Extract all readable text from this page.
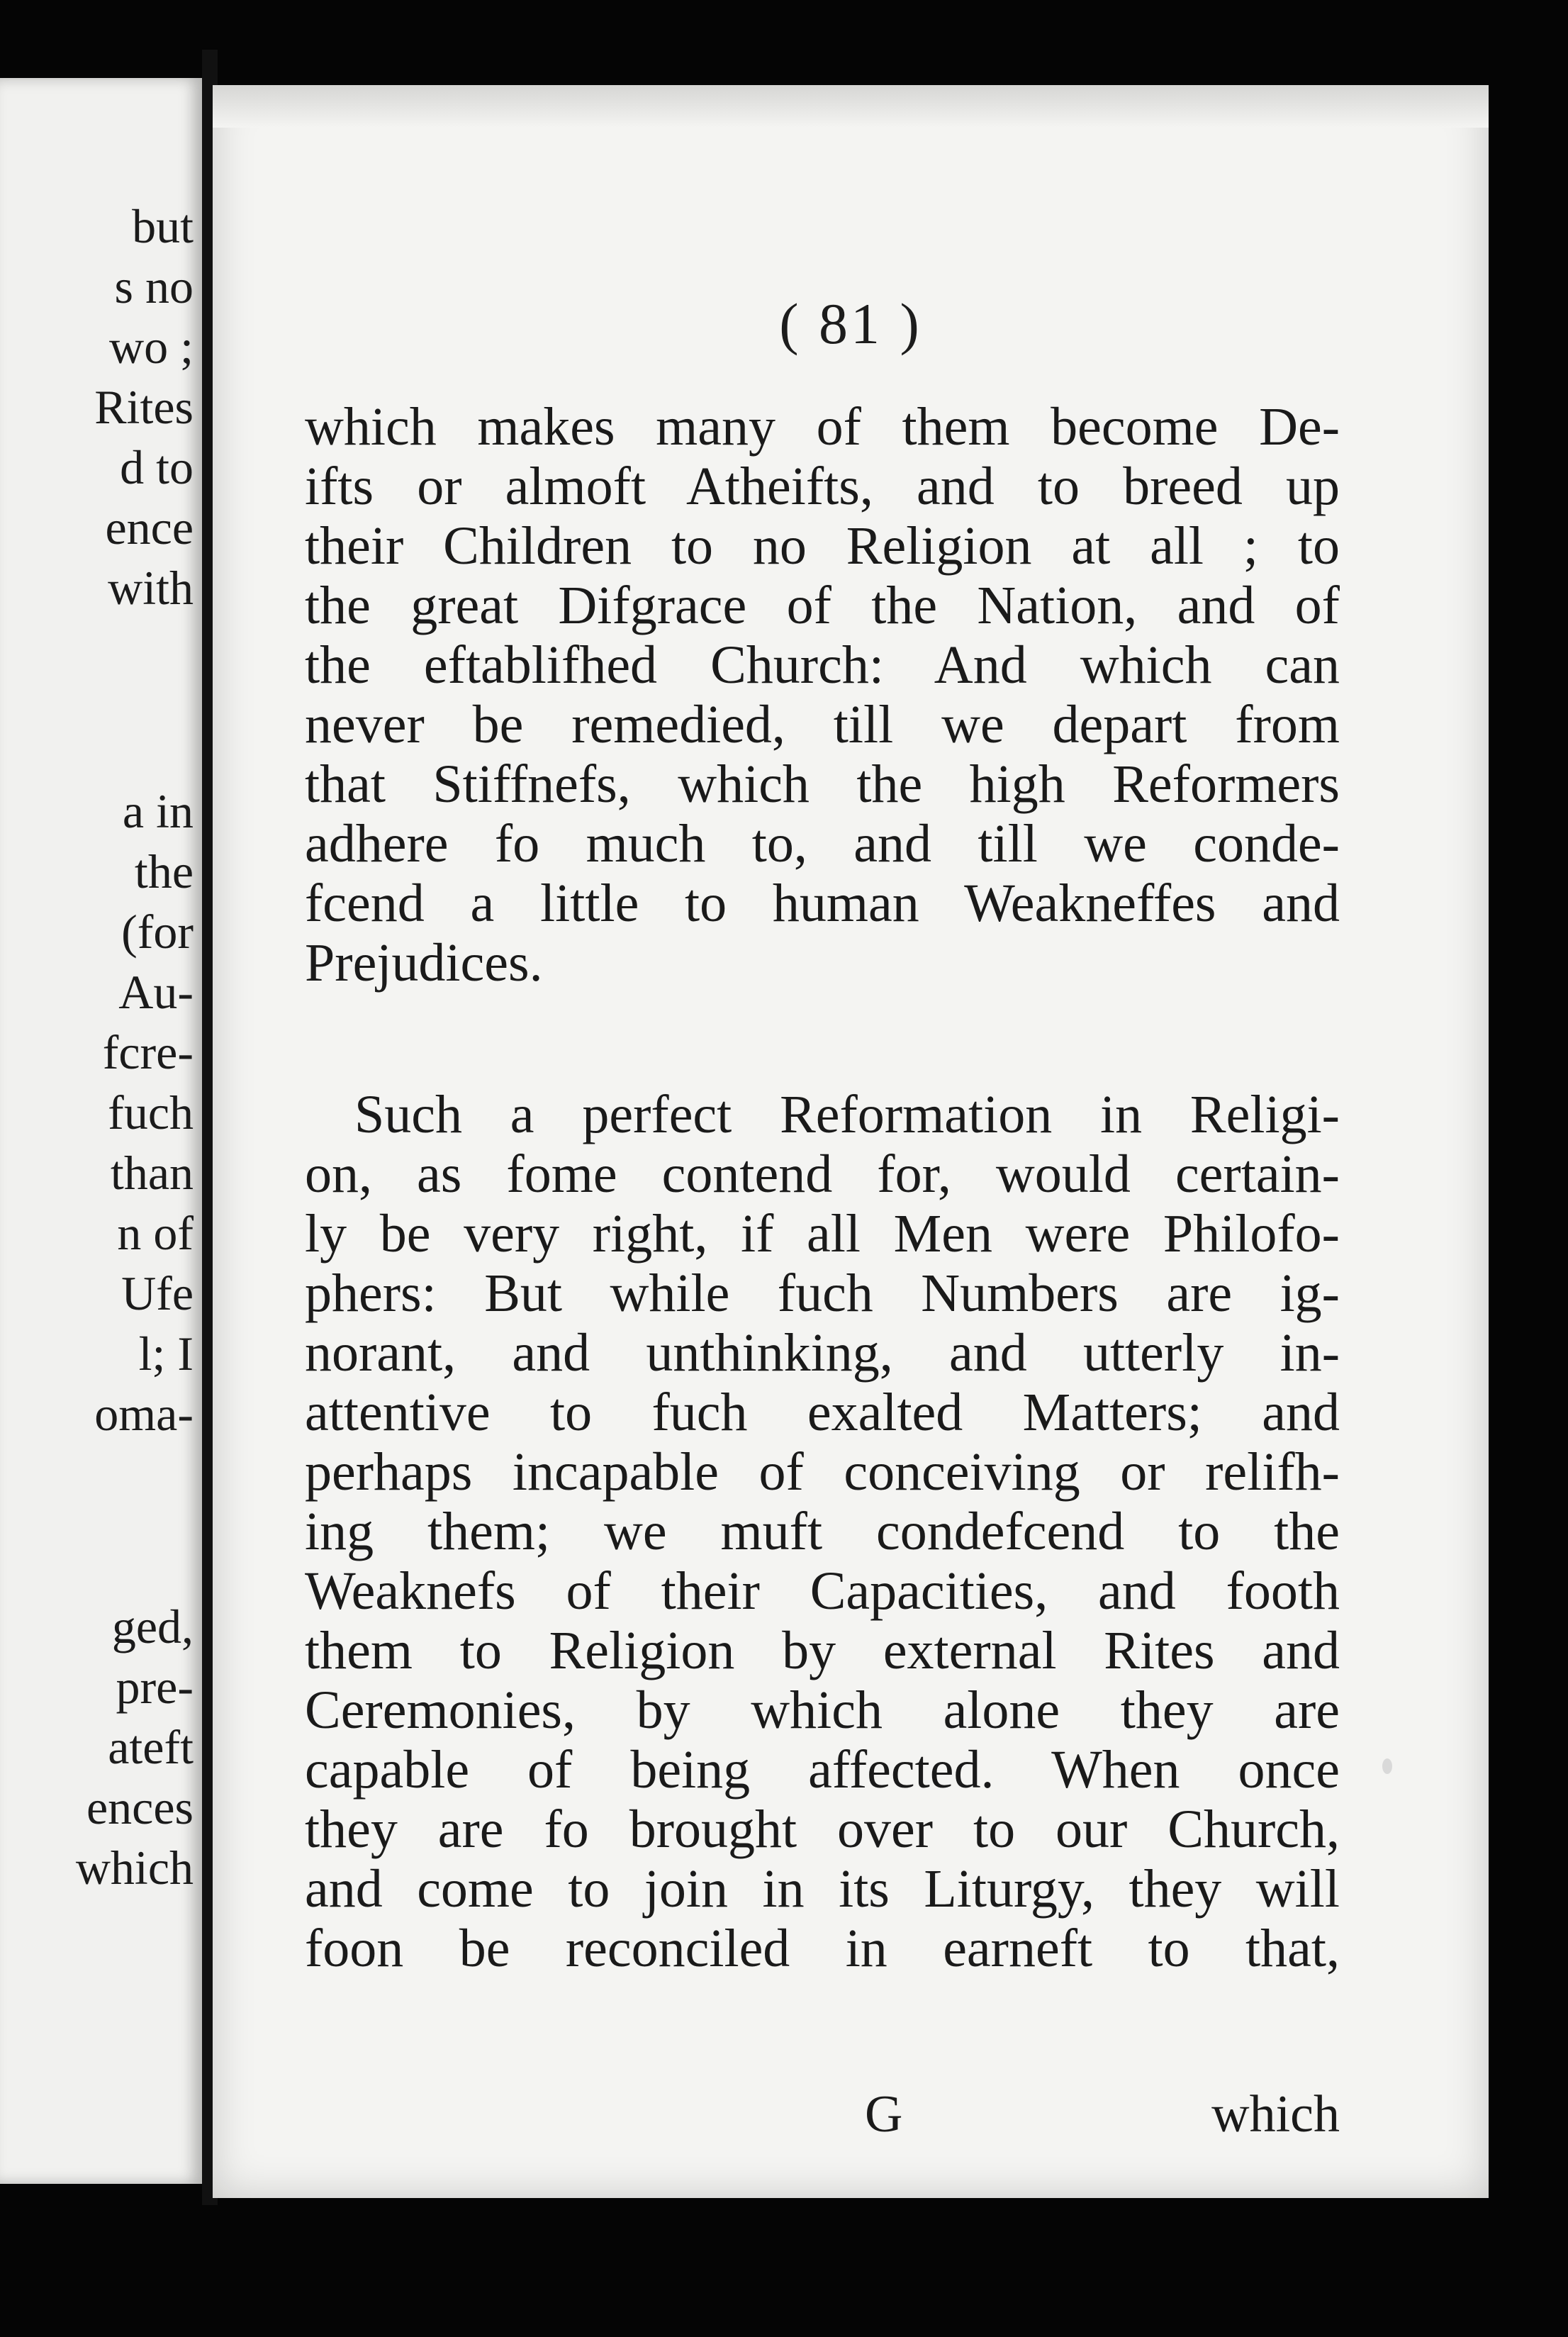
but
s no
wo ;
Rites
d to
ence
with
a in
the
(for
Au-
fcre-
fuch
than
n of
Ufe
l; I
oma-
ged,
pre-
ateft
ences
which
( 81 )
which makes many of them become De-
ifts or almoft Atheifts, and to breed up
their Children to no Religion at all ; to
the great Difgrace of the Nation, and of
the eftablifhed Church: And which can
never be remedied, till we depart from
that Stiffnefs, which the high Reformers
adhere fo much to, and till we conde-
fcend a little to human Weakneffes and
Prejudices.
Such a perfect Reformation in Religi-
on, as fome contend for, would certain-
ly be very right, if all Men were Philofo-
phers: But while fuch Numbers are ig-
norant, and unthinking, and utterly in-
attentive to fuch exalted Matters; and
perhaps incapable of conceiving or relifh-
ing them; we muft condefcend to the
Weaknefs of their Capacities, and footh
them to Religion by external Rites and
Ceremonies, by which alone they are
capable of being affected. When once
they are fo brought over to our Church,
and come to join in its Liturgy, they will
foon be reconciled in earneft to that,
G	which
